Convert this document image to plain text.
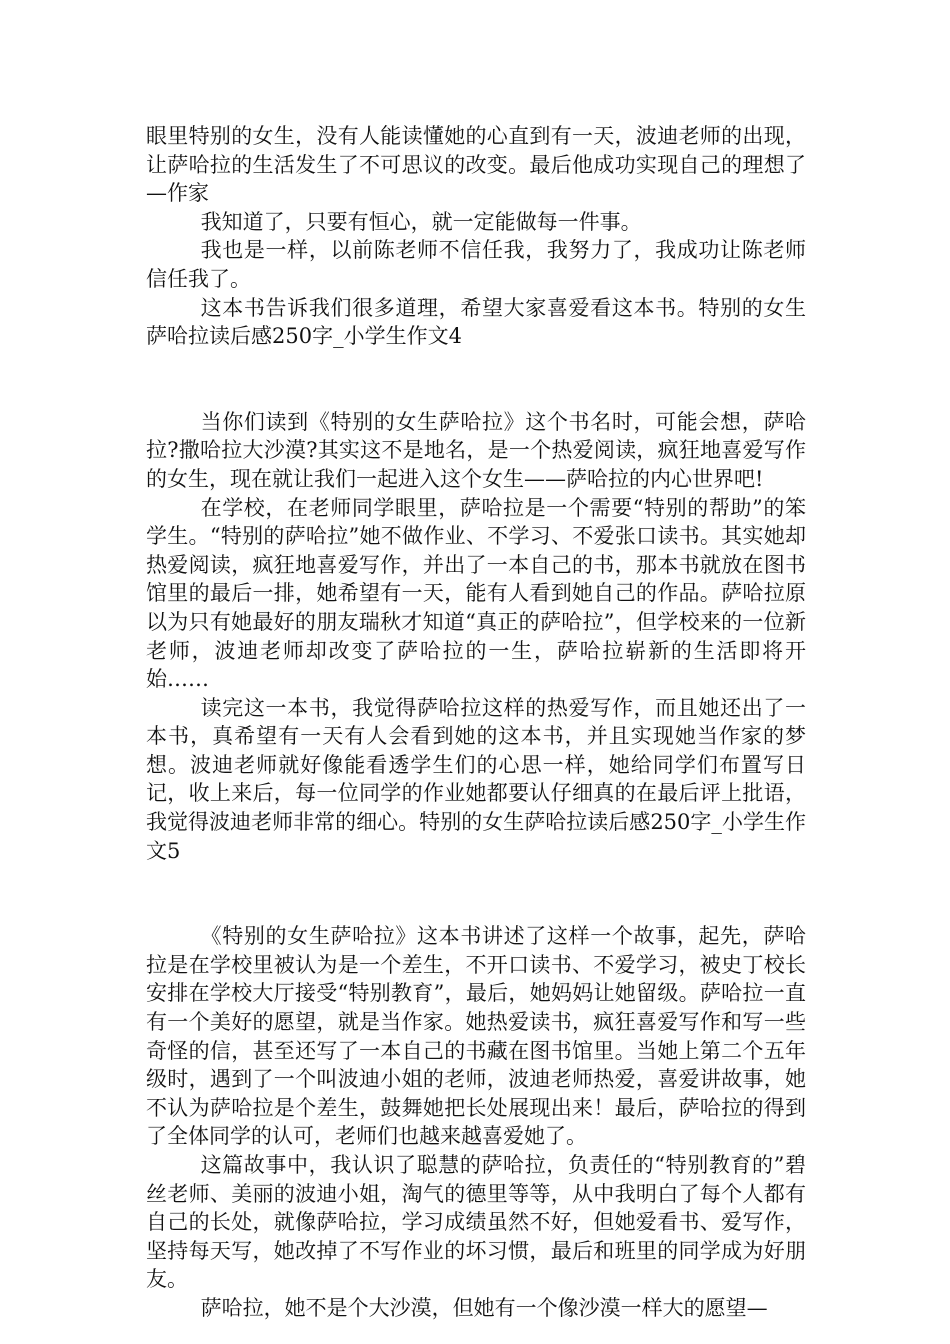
眼里特别的女生，没有人能读懂她的心直到有一天，波迪老师的出现，让萨哈拉的生活发生了不可思议的改变。最后他成功实现自己的理想了—作家

我知道了，只要有恒心，就一定能做每一件事。

我也是一样，以前陈老师不信任我，我努力了，我成功让陈老师信任我了。

这本书告诉我们很多道理，希望大家喜爱看这本书。特别的女生萨哈拉读后感250字_小学生作文4

当你们读到《特别的女生萨哈拉》这个书名时，可能会想，萨哈拉?撒哈拉大沙漠?其实这不是地名，是一个热爱阅读，疯狂地喜爱写作的女生，现在就让我们一起进入这个女生——萨哈拉的内心世界吧!

在学校，在老师同学眼里，萨哈拉是一个需要“特别的帮助”的笨学生。“特别的萨哈拉”她不做作业、不学习、不爱张口读书。其实她却热爱阅读，疯狂地喜爱写作，并出了一本自己的书，那本书就放在图书馆里的最后一排，她希望有一天，能有人看到她自己的作品。萨哈拉原以为只有她最好的朋友瑞秋才知道“真正的萨哈拉”，但学校来的一位新老师，波迪老师却改变了萨哈拉的一生，萨哈拉崭新的生活即将开始……

读完这一本书，我觉得萨哈拉这样的热爱写作，而且她还出了一本书，真希望有一天有人会看到她的这本书，并且实现她当作家的梦想。波迪老师就好像能看透学生们的心思一样，她给同学们布置写日记，收上来后，每一位同学的作业她都要认仔细真的在最后评上批语，我觉得波迪老师非常的细心。特别的女生萨哈拉读后感250字_小学生作文5

《特别的女生萨哈拉》这本书讲述了这样一个故事，起先，萨哈拉是在学校里被认为是一个差生，不开口读书、不爱学习，被史丁校长安排在学校大厅接受“特别教育”，最后，她妈妈让她留级。萨哈拉一直有一个美好的愿望，就是当作家。她热爱读书，疯狂喜爱写作和写一些奇怪的信，甚至还写了一本自己的书藏在图书馆里。当她上第二个五年级时，遇到了一个叫波迪小姐的老师，波迪老师热爱，喜爱讲故事，她不认为萨哈拉是个差生，鼓舞她把长处展现出来！最后，萨哈拉的得到了全体同学的认可，老师们也越来越喜爱她了。

这篇故事中，我认识了聪慧的萨哈拉，负责任的“特别教育的”碧丝老师、美丽的波迪小姐，淘气的德里等等，从中我明白了每个人都有自己的长处，就像萨哈拉，学习成绩虽然不好，但她爱看书、爱写作，坚持每天写，她改掉了不写作业的坏习惯，最后和班里的同学成为好朋友。

萨哈拉，她不是个大沙漠，但她有一个像沙漠一样大的愿望—
